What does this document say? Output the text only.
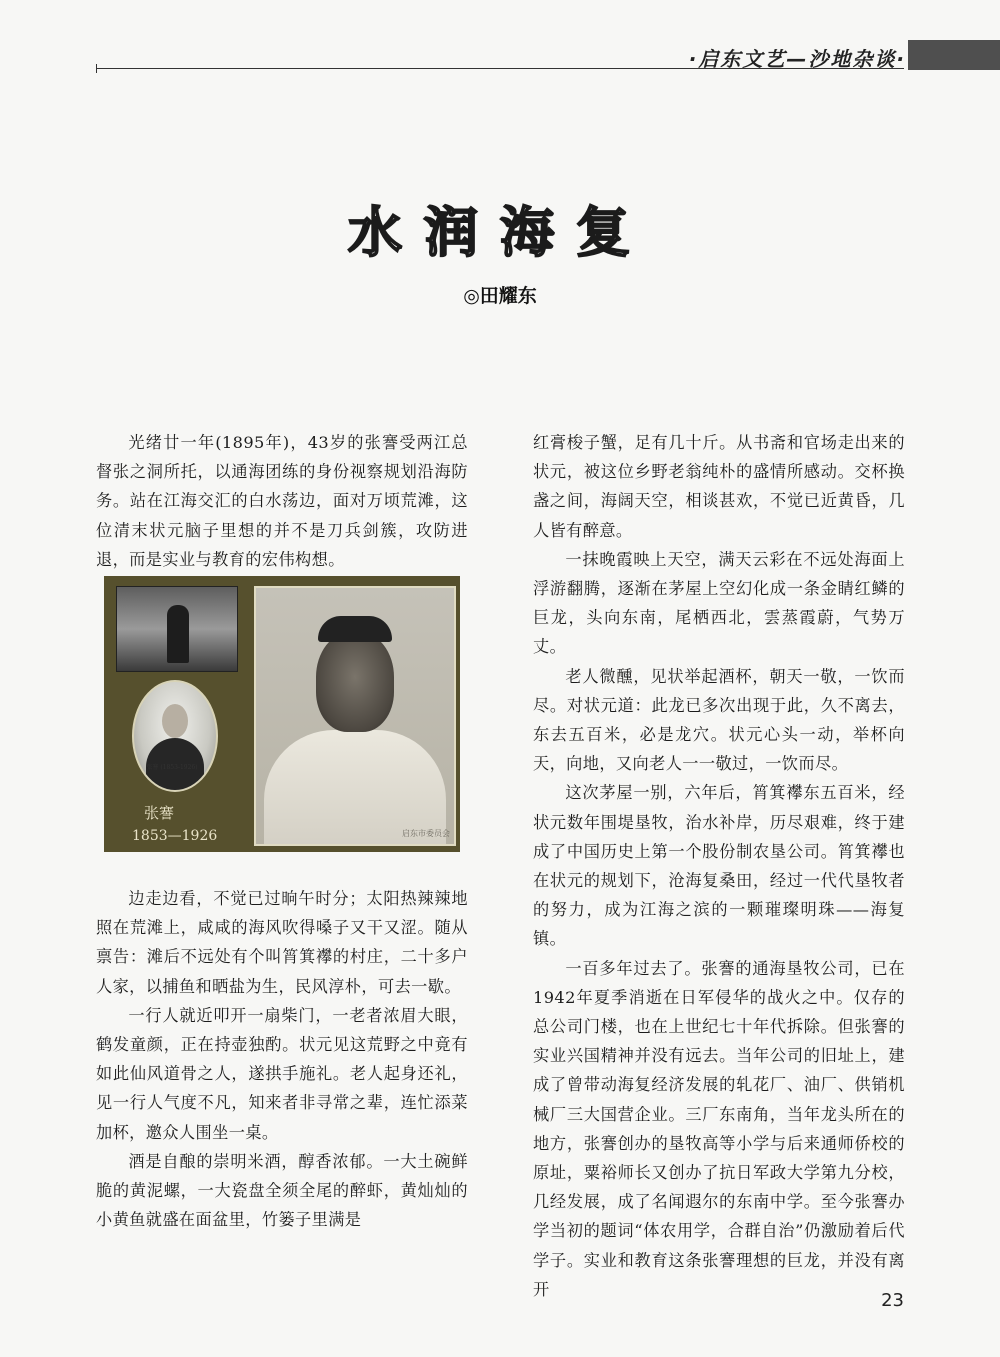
·启东文艺—沙地杂谈·
水润海复
◎田耀东

光绪廿一年(1895年)，43岁的张謇受两江总督张之洞所托，以通海团练的身份视察规划沿海防务。站在江海交汇的白水荡边，面对万顷荒滩，这位清末状元脑子里想的并不是刀兵剑簇，攻防进退，而是实业与教育的宏伟构想。

张謇 (1853-1926)
张謇
1853—1926	启东市委员会

边走边看，不觉已过晌午时分；太阳热辣辣地照在荒滩上，咸咸的海风吹得嗓子又干又涩。随从禀告：滩后不远处有个叫筲箕襻的村庄，二十多户人家，以捕鱼和晒盐为生，民风淳朴，可去一歇。

一行人就近叩开一扇柴门，一老者浓眉大眼，鹤发童颜，正在持壶独酌。状元见这荒野之中竟有如此仙风道骨之人，遂拱手施礼。老人起身还礼，见一行人气度不凡，知来者非寻常之辈，连忙添菜加杯，邀众人围坐一桌。

酒是自酿的崇明米酒，醇香浓郁。一大土碗鲜脆的黄泥螺，一大瓷盘全须全尾的醉虾，黄灿灿的小黄鱼就盛在面盆里，竹篓子里满是

红膏梭子蟹，足有几十斤。从书斋和官场走出来的状元，被这位乡野老翁纯朴的盛情所感动。交杯换盏之间，海阔天空，相谈甚欢，不觉已近黄昏，几人皆有醉意。

一抹晚霞映上天空，满天云彩在不远处海面上浮游翻腾，逐渐在茅屋上空幻化成一条金睛红鳞的巨龙，头向东南，尾栖西北，雲蒸霞蔚，气势万丈。

老人微醺，见状举起酒杯，朝天一敬，一饮而尽。对状元道：此龙已多次出现于此，久不离去，东去五百米，必是龙穴。状元心头一动，举杯向天，向地，又向老人一一敬过，一饮而尽。

这次茅屋一别，六年后，筲箕襻东五百米，经状元数年围堤垦牧，治水补岸，历尽艰难，终于建成了中国历史上第一个股份制农垦公司。筲箕襻也在状元的规划下，沧海复桑田，经过一代代垦牧者的努力，成为江海之滨的一颗璀璨明珠——海复镇。

一百多年过去了。张謇的通海垦牧公司，已在1942年夏季消逝在日军侵华的战火之中。仅存的总公司门楼，也在上世纪七十年代拆除。但张謇的实业兴国精神并没有远去。当年公司的旧址上，建成了曾带动海复经济发展的轧花厂、油厂、供销机械厂三大国营企业。三厂东南角，当年龙头所在的地方，张謇创办的垦牧高等小学与后来通师侨校的原址，粟裕师长又创办了抗日军政大学第九分校，几经发展，成了名闻遐尔的东南中学。至今张謇办学当初的题词“体农用学，合群自治”仍激励着后代学子。实业和教育这条张謇理想的巨龙，并没有离开

23
